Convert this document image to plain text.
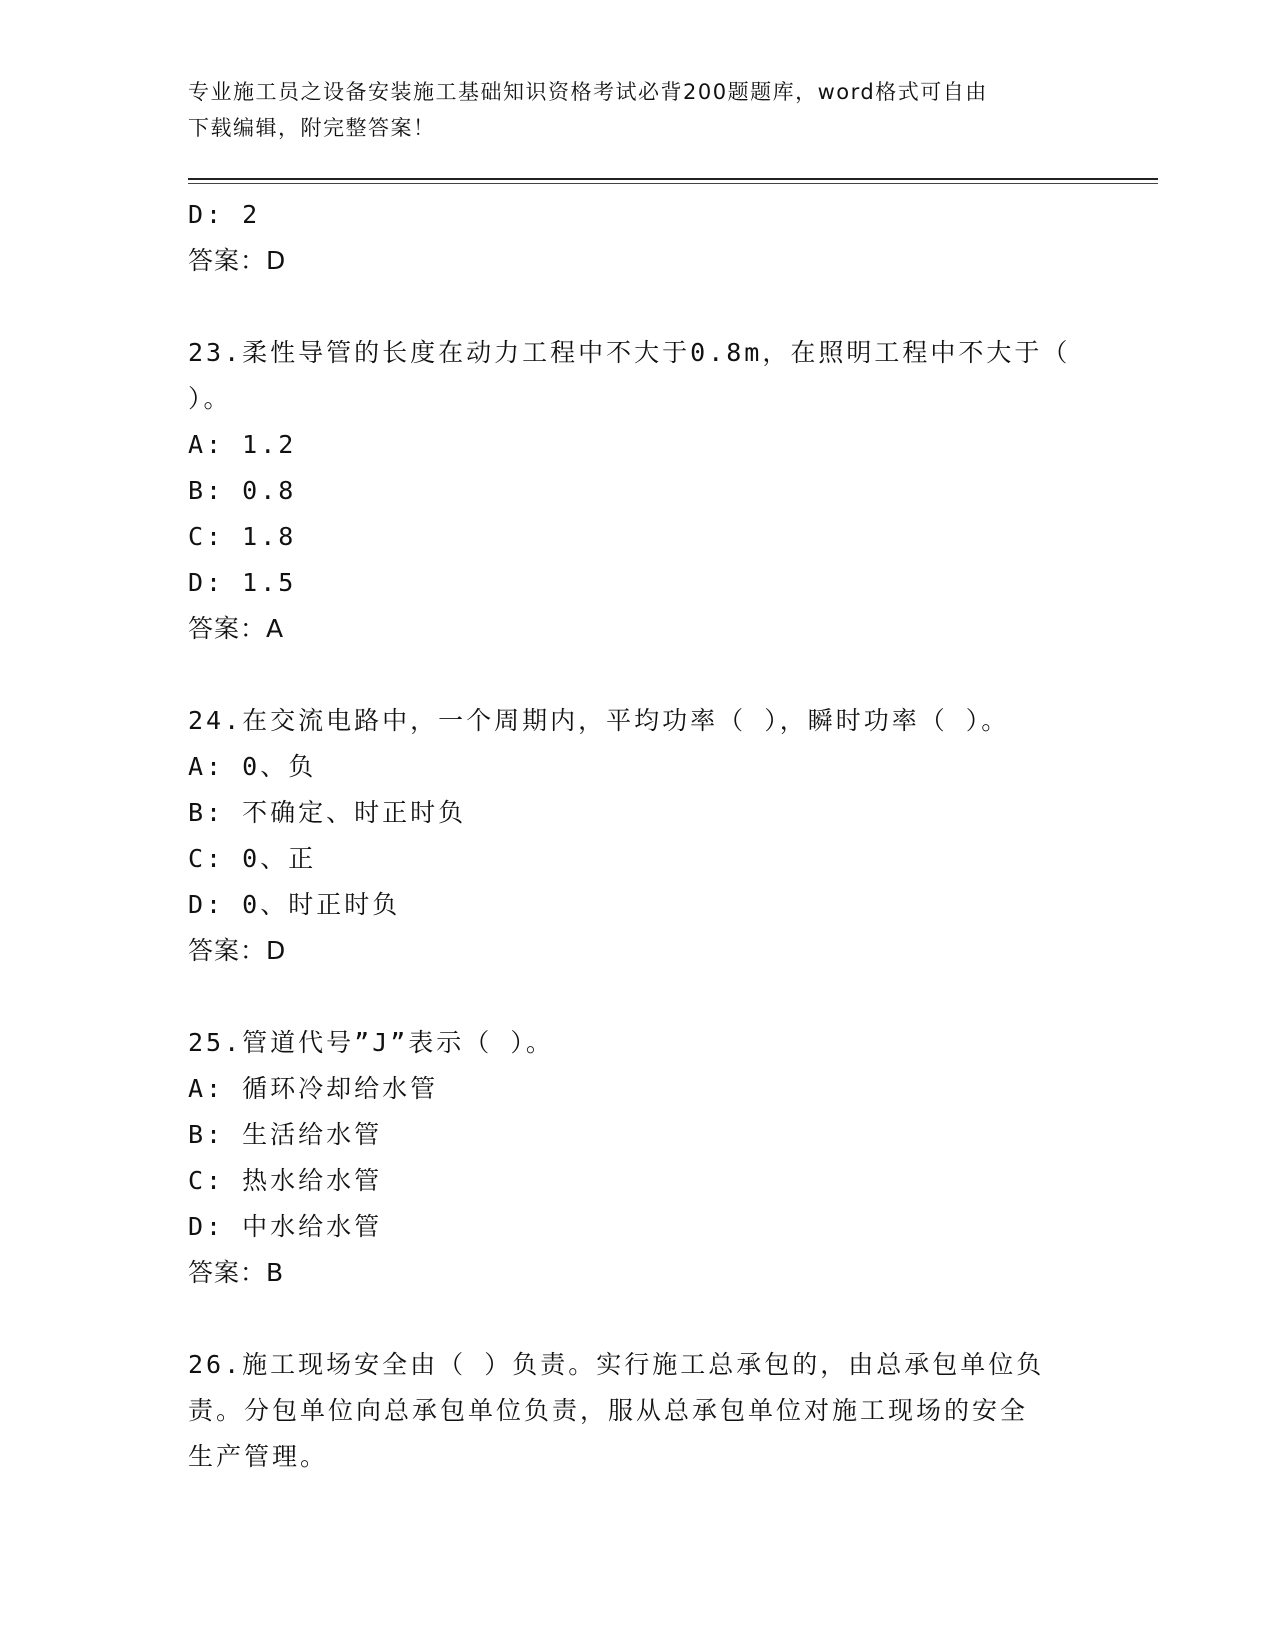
专业施工员之设备安装施工基础知识资格考试必背200题题库，word格式可自由
下载编辑，附完整答案！
D: 2
答案：D
23.柔性导管的长度在动力工程中不大于0.8m，在照明工程中不大于（
）。
A: 1.2
B: 0.8
C: 1.8
D: 1.5
答案：A
24.在交流电路中，一个周期内，平均功率（ ），瞬时功率（ ）。
A: 0、负
B: 不确定、时正时负
C: 0、正
D: 0、时正时负
答案：D
25.管道代号”J”表示（ ）。
A: 循环冷却给水管
B: 生活给水管
C: 热水给水管
D: 中水给水管
答案：B
26.施工现场安全由（ ）负责。实行施工总承包的，由总承包单位负
责。分包单位向总承包单位负责，服从总承包单位对施工现场的安全
生产管理。
